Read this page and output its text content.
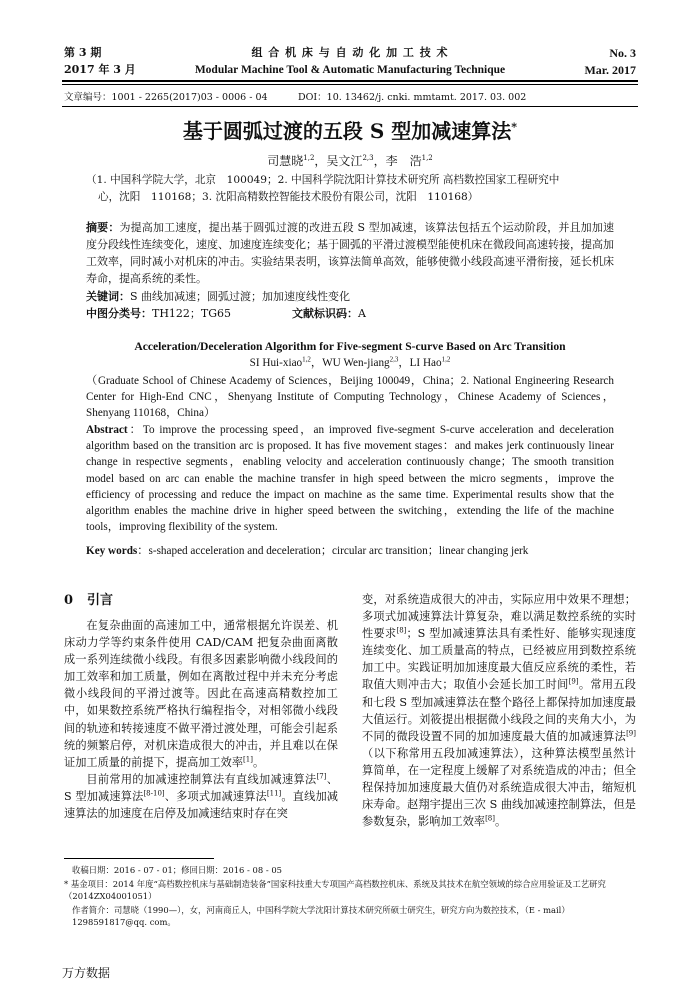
第 3 期
2017 年 3 月
组 合 机 床 与 自 动 化 加 工 技 术
Modular Machine Tool & Automatic Manufacturing Technique
No. 3
Mar. 2017
文章编号：1001 - 2265(2017)03 - 0006 - 04	DOI：10. 13462/j. cnki. mmtamt. 2017. 03. 002
基于圆弧过渡的五段 S 型加减速算法*
司慧晓$^{1,2}$，吴文江$^{2,3}$，李　浩$^{1,2}$
（1. 中国科学院大学，北京　100049；2. 中国科学院沈阳计算技术研究所 高档数控国家工程研究中
心，沈阳　110168；3. 沈阳高精数控智能技术股份有限公司，沈阳　110168）
摘要：为提高加工速度，提出基于圆弧过渡的改进五段 S 型加减速，该算法包括五个运动阶段，并且加加速度分段线性连续变化，速度、加速度连续变化；基于圆弧的平滑过渡模型能使机床在微段间高速转接，提高加工效率，同时减小对机床的冲击。实验结果表明，该算法简单高效，能够使微小线段高速平滑衔接，延长机床寿命，提高系统的柔性。
关键词：S 曲线加减速；圆弧过渡；加加速度线性变化
中图分类号：TH122；TG65	文献标识码：A
Acceleration/Deceleration Algorithm for Five-segment S-curve Based on Arc Transition
SI Hui-xiao$^{1,2}$，WU Wen-jiang$^{2,3}$，LI Hao$^{1,2}$
（Graduate School of Chinese Academy of Sciences，Beijing 100049，China；2. National Engineering Research Center for High-End CNC，Shenyang Institute of Computing Technology，Chinese Academy of Sciences，Shenyang 110168，China）
Abstract：To improve the processing speed，an improved five-segment S-curve acceleration and deceleration algorithm based on the transition arc is proposed. It has five movement stages：and makes jerk continuously linear change in respective segments，enabling velocity and acceleration continuously change；The smooth transition model based on arc can enable the machine transfer in high speed between the micro segments，improve the efficiency of processing and reduce the impact on machine as the same time. Experimental results show that the algorithm enables the machine drive in higher speed between the switching，extending the life of the machine tools，improving flexibility of the system.
Key words：s-shaped acceleration and deceleration；circular arc transition；linear changing jerk
0 引言
在复杂曲面的高速加工中，通常根据允许误差、机床动力学等约束条件使用 CAD/CAM 把复杂曲面离散成一系列连续微小线段。有很多因素影响微小线段间的加工效率和加工质量，例如在离散过程中并未充分考虑微小线段间的平滑过渡等。因此在高速高精数控加工中，如果数控系统严格执行编程指令，对相邻微小线段间的轨迹和转接速度不做平滑过渡处理，可能会引起系统的频繁启停，对机床造成很大的冲击，并且难以在保证加工质量的前提下，提高加工效率[1]。
目前常用的加减速控制算法有直线加减速算法[7]、S 型加减速算法[8-10]、多项式加减速算法[11]。直线加减速算法的加速度在启停及加减速结束时存在突
变，对系统造成很大的冲击，实际应用中效果不理想；多项式加减速算法计算复杂，难以满足数控系统的实时性要求[8]；S 型加减速算法具有柔性好、能够实现速度连续变化、加工质量高的特点，已经被应用到数控系统加工中。实践证明加加速度最大值反应系统的柔性，若取值大则冲击大；取值小会延长加工时间[9]。常用五段和七段 S 型加减速算法在整个路径上都保持加加速度最大值运行。刘筱提出根据微小线段之间的夹角大小，为不同的微段设置不同的加加速度最大值的加减速算法[9]（以下称常用五段加减速算法），这种算法模型虽然计算简单，在一定程度上缓解了对系统造成的冲击；但全程保持加加速度最大值仍对系统造成很大冲击，缩短机床寿命。赵翔宇提出三次 S 曲线加减速控制算法，但是参数复杂，影响加工效率[8]。
收稿日期：2016 - 07 - 01；修回日期：2016 - 08 - 05
* 基金项目：2014 年度“高档数控机床与基础制造装备”国家科技重大专项国产高档数控机床、系统及其技术在航空领域的综合应用验证及工艺研究（2014ZX04001051）
作者简介：司慧晓（1990—），女，河南商丘人，中国科学院大学沈阳计算技术研究所硕士研究生，研究方向为数控技术，（E - mail）1298591817@qq. com。
万方数据
